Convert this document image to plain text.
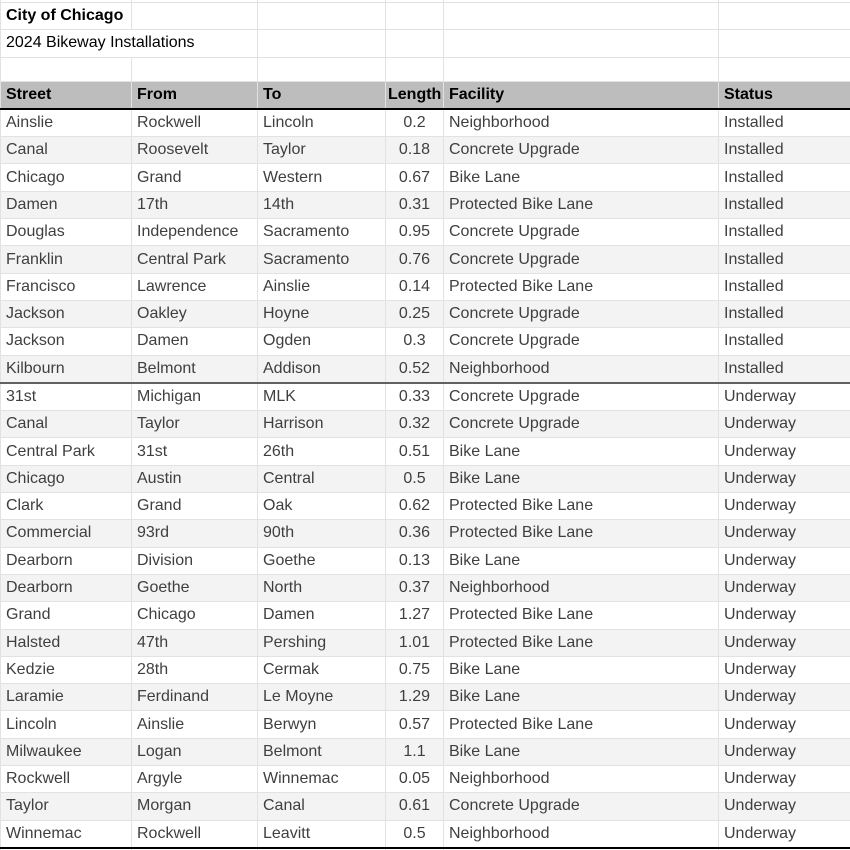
City of Chicago					
2024 Bikeway Installations					

Street	From	To	Length	Facility	Status
Ainslie	Rockwell	Lincoln	0.2	Neighborhood	Installed
Canal	Roosevelt	Taylor	0.18	Concrete Upgrade	Installed
Chicago	Grand	Western	0.67	Bike Lane	Installed
Damen	17th	14th	0.31	Protected Bike Lane	Installed
Douglas	Independence	Sacramento	0.95	Concrete Upgrade	Installed
Franklin	Central Park	Sacramento	0.76	Concrete Upgrade	Installed
Francisco	Lawrence	Ainslie	0.14	Protected Bike Lane	Installed
Jackson	Oakley	Hoyne	0.25	Concrete Upgrade	Installed
Jackson	Damen	Ogden	0.3	Concrete Upgrade	Installed
Kilbourn	Belmont	Addison	0.52	Neighborhood	Installed
31st	Michigan	MLK	0.33	Concrete Upgrade	Underway
Canal	Taylor	Harrison	0.32	Concrete Upgrade	Underway
Central Park	31st	26th	0.51	Bike Lane	Underway
Chicago	Austin	Central	0.5	Bike Lane	Underway
Clark	Grand	Oak	0.62	Protected Bike Lane	Underway
Commercial	93rd	90th	0.36	Protected Bike Lane	Underway
Dearborn	Division	Goethe	0.13	Bike Lane	Underway
Dearborn	Goethe	North	0.37	Neighborhood	Underway
Grand	Chicago	Damen	1.27	Protected Bike Lane	Underway
Halsted	47th	Pershing	1.01	Protected Bike Lane	Underway
Kedzie	28th	Cermak	0.75	Bike Lane	Underway
Laramie	Ferdinand	Le Moyne	1.29	Bike Lane	Underway
Lincoln	Ainslie	Berwyn	0.57	Protected Bike Lane	Underway
Milwaukee	Logan	Belmont	1.1	Bike Lane	Underway
Rockwell	Argyle	Winnemac	0.05	Neighborhood	Underway
Taylor	Morgan	Canal	0.61	Concrete Upgrade	Underway
Winnemac	Rockwell	Leavitt	0.5	Neighborhood	Underway
